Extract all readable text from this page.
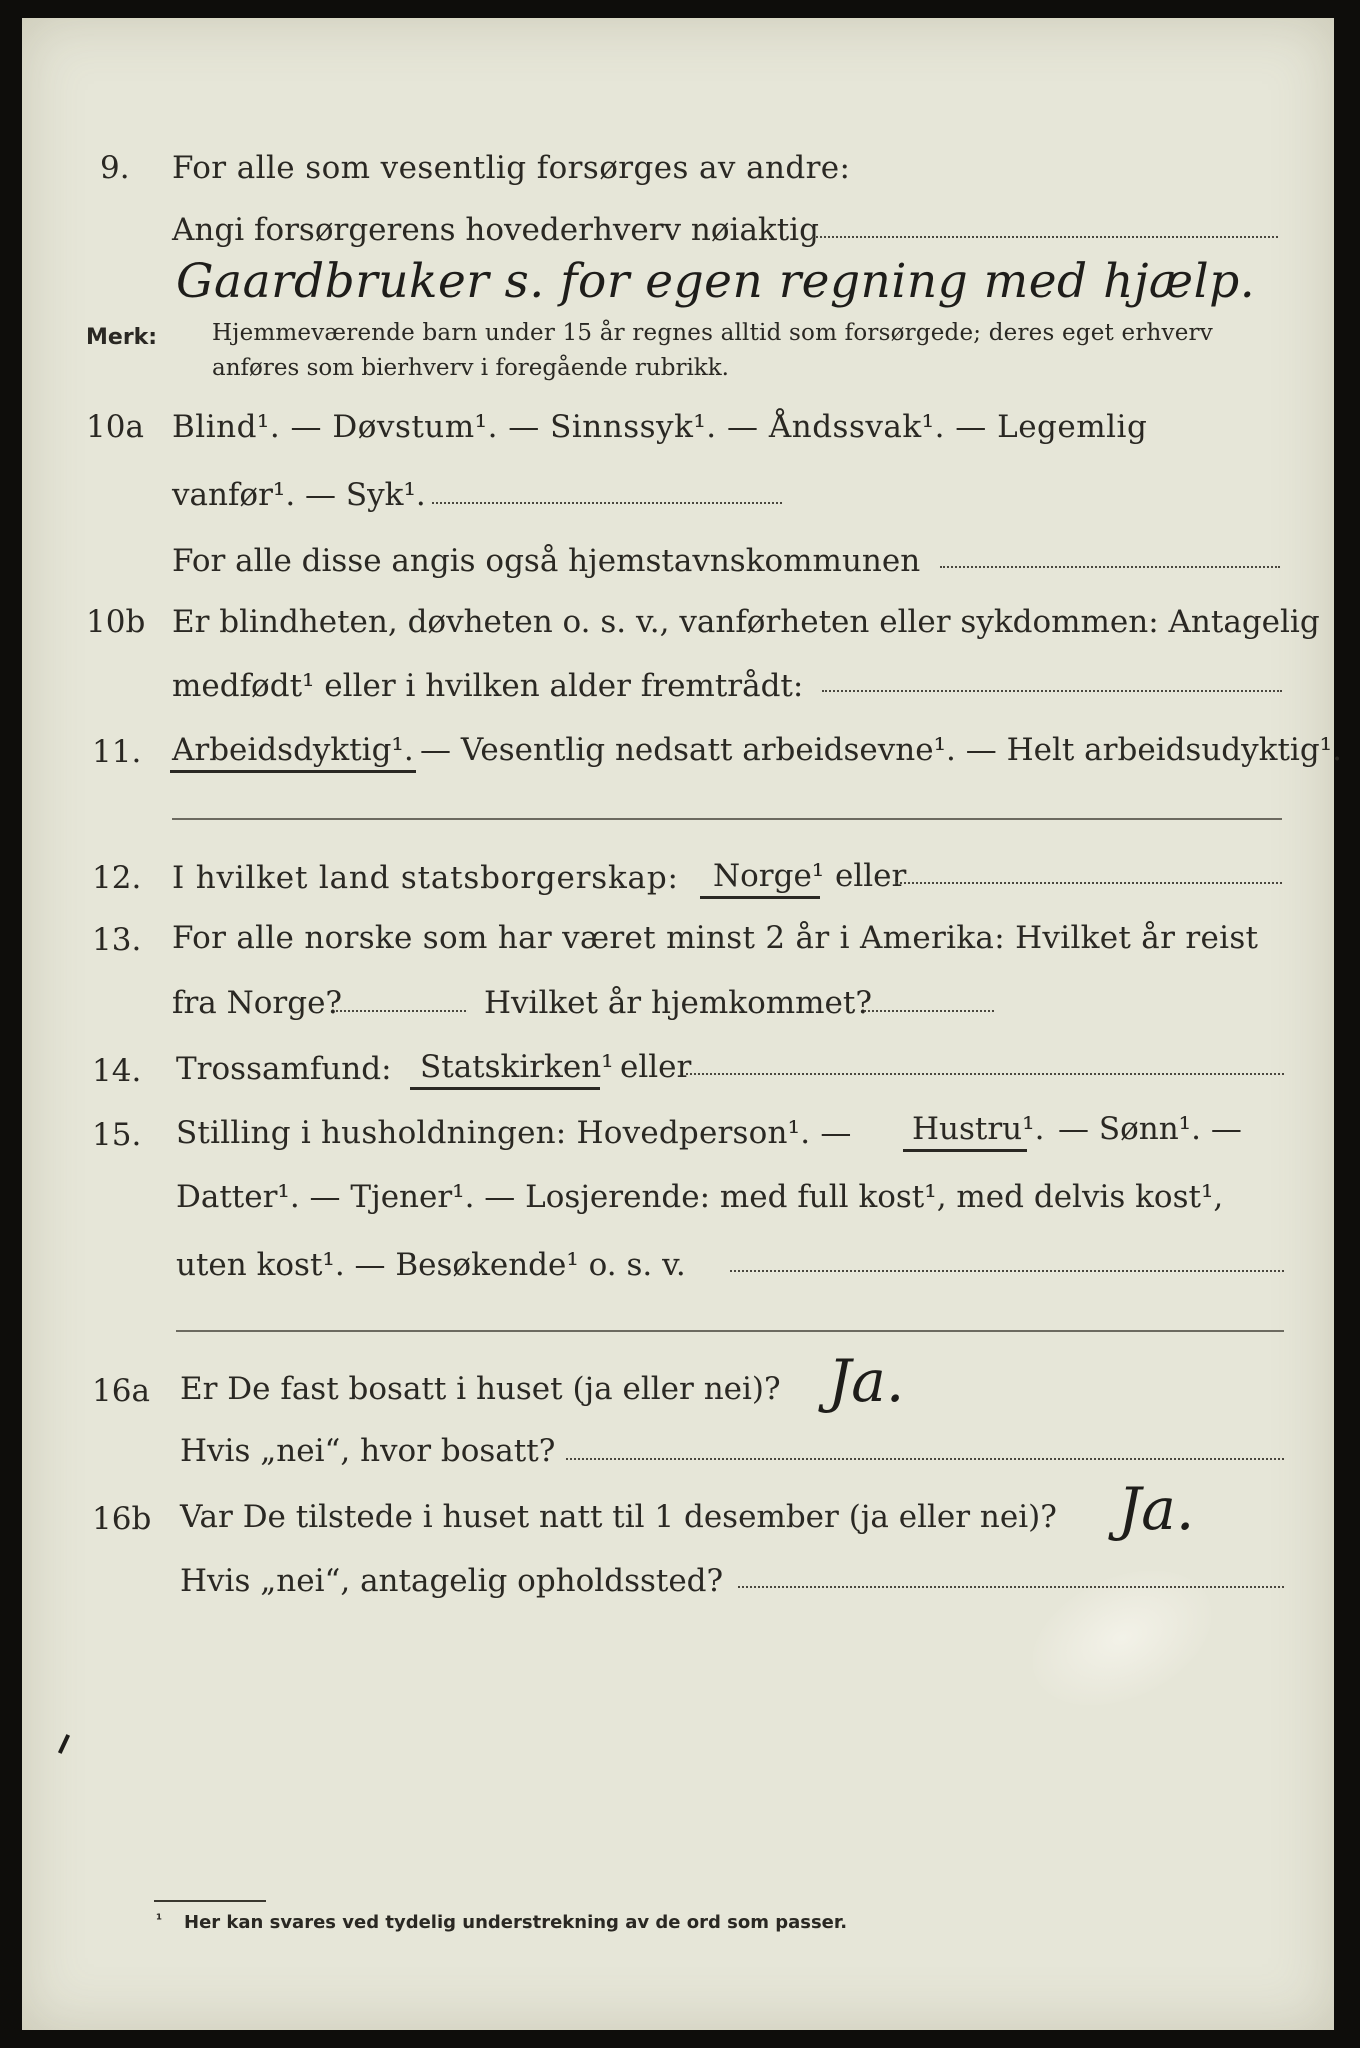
9. For alle som vesentlig forsørges av andre:
Angi forsørgerens hovederhverv nøiaktig
Gaardbruker s. for egen regning med hjælp.
Merk: Hjemmeværende barn under 15 år regnes alltid som forsørgede; deres eget erhverv
anføres som bierhverv i foregående rubrikk.
10a Blind¹. — Døvstum¹. — Sinnssyk¹. — Åndssvak¹. — Legemlig
vanfør¹. — Syk¹.
For alle disse angis også hjemstavnskommunen
10b Er blindheten, døvheten o. s. v., vanførheten eller sykdommen: Antagelig
medfødt¹ eller i hvilken alder fremtrådt:
11. Arbeidsdyktig¹. — Vesentlig nedsatt arbeidsevne¹. — Helt arbeidsudyktig¹.
12. I hvilket land statsborgerskap: Norge¹ eller
13. For alle norske som har været minst 2 år i Amerika: Hvilket år reist
fra Norge?	Hvilket år hjemkommet?
14. Trossamfund: Statskirken¹ eller
15. Stilling i husholdningen: Hovedperson¹. — Hustru¹. — Sønn¹. —
Datter¹. — Tjener¹. — Losjerende: med full kost¹, med delvis kost¹,
uten kost¹. — Besøkende¹ o. s. v.
16a Er De fast bosatt i huset (ja eller nei)? Ja.
Hvis „nei“, hvor bosatt?
16b Var De tilstede i huset natt til 1 desember (ja eller nei)? Ja.
Hvis „nei“, antagelig opholdssted?
¹ Her kan svares ved tydelig understrekning av de ord som passer.
